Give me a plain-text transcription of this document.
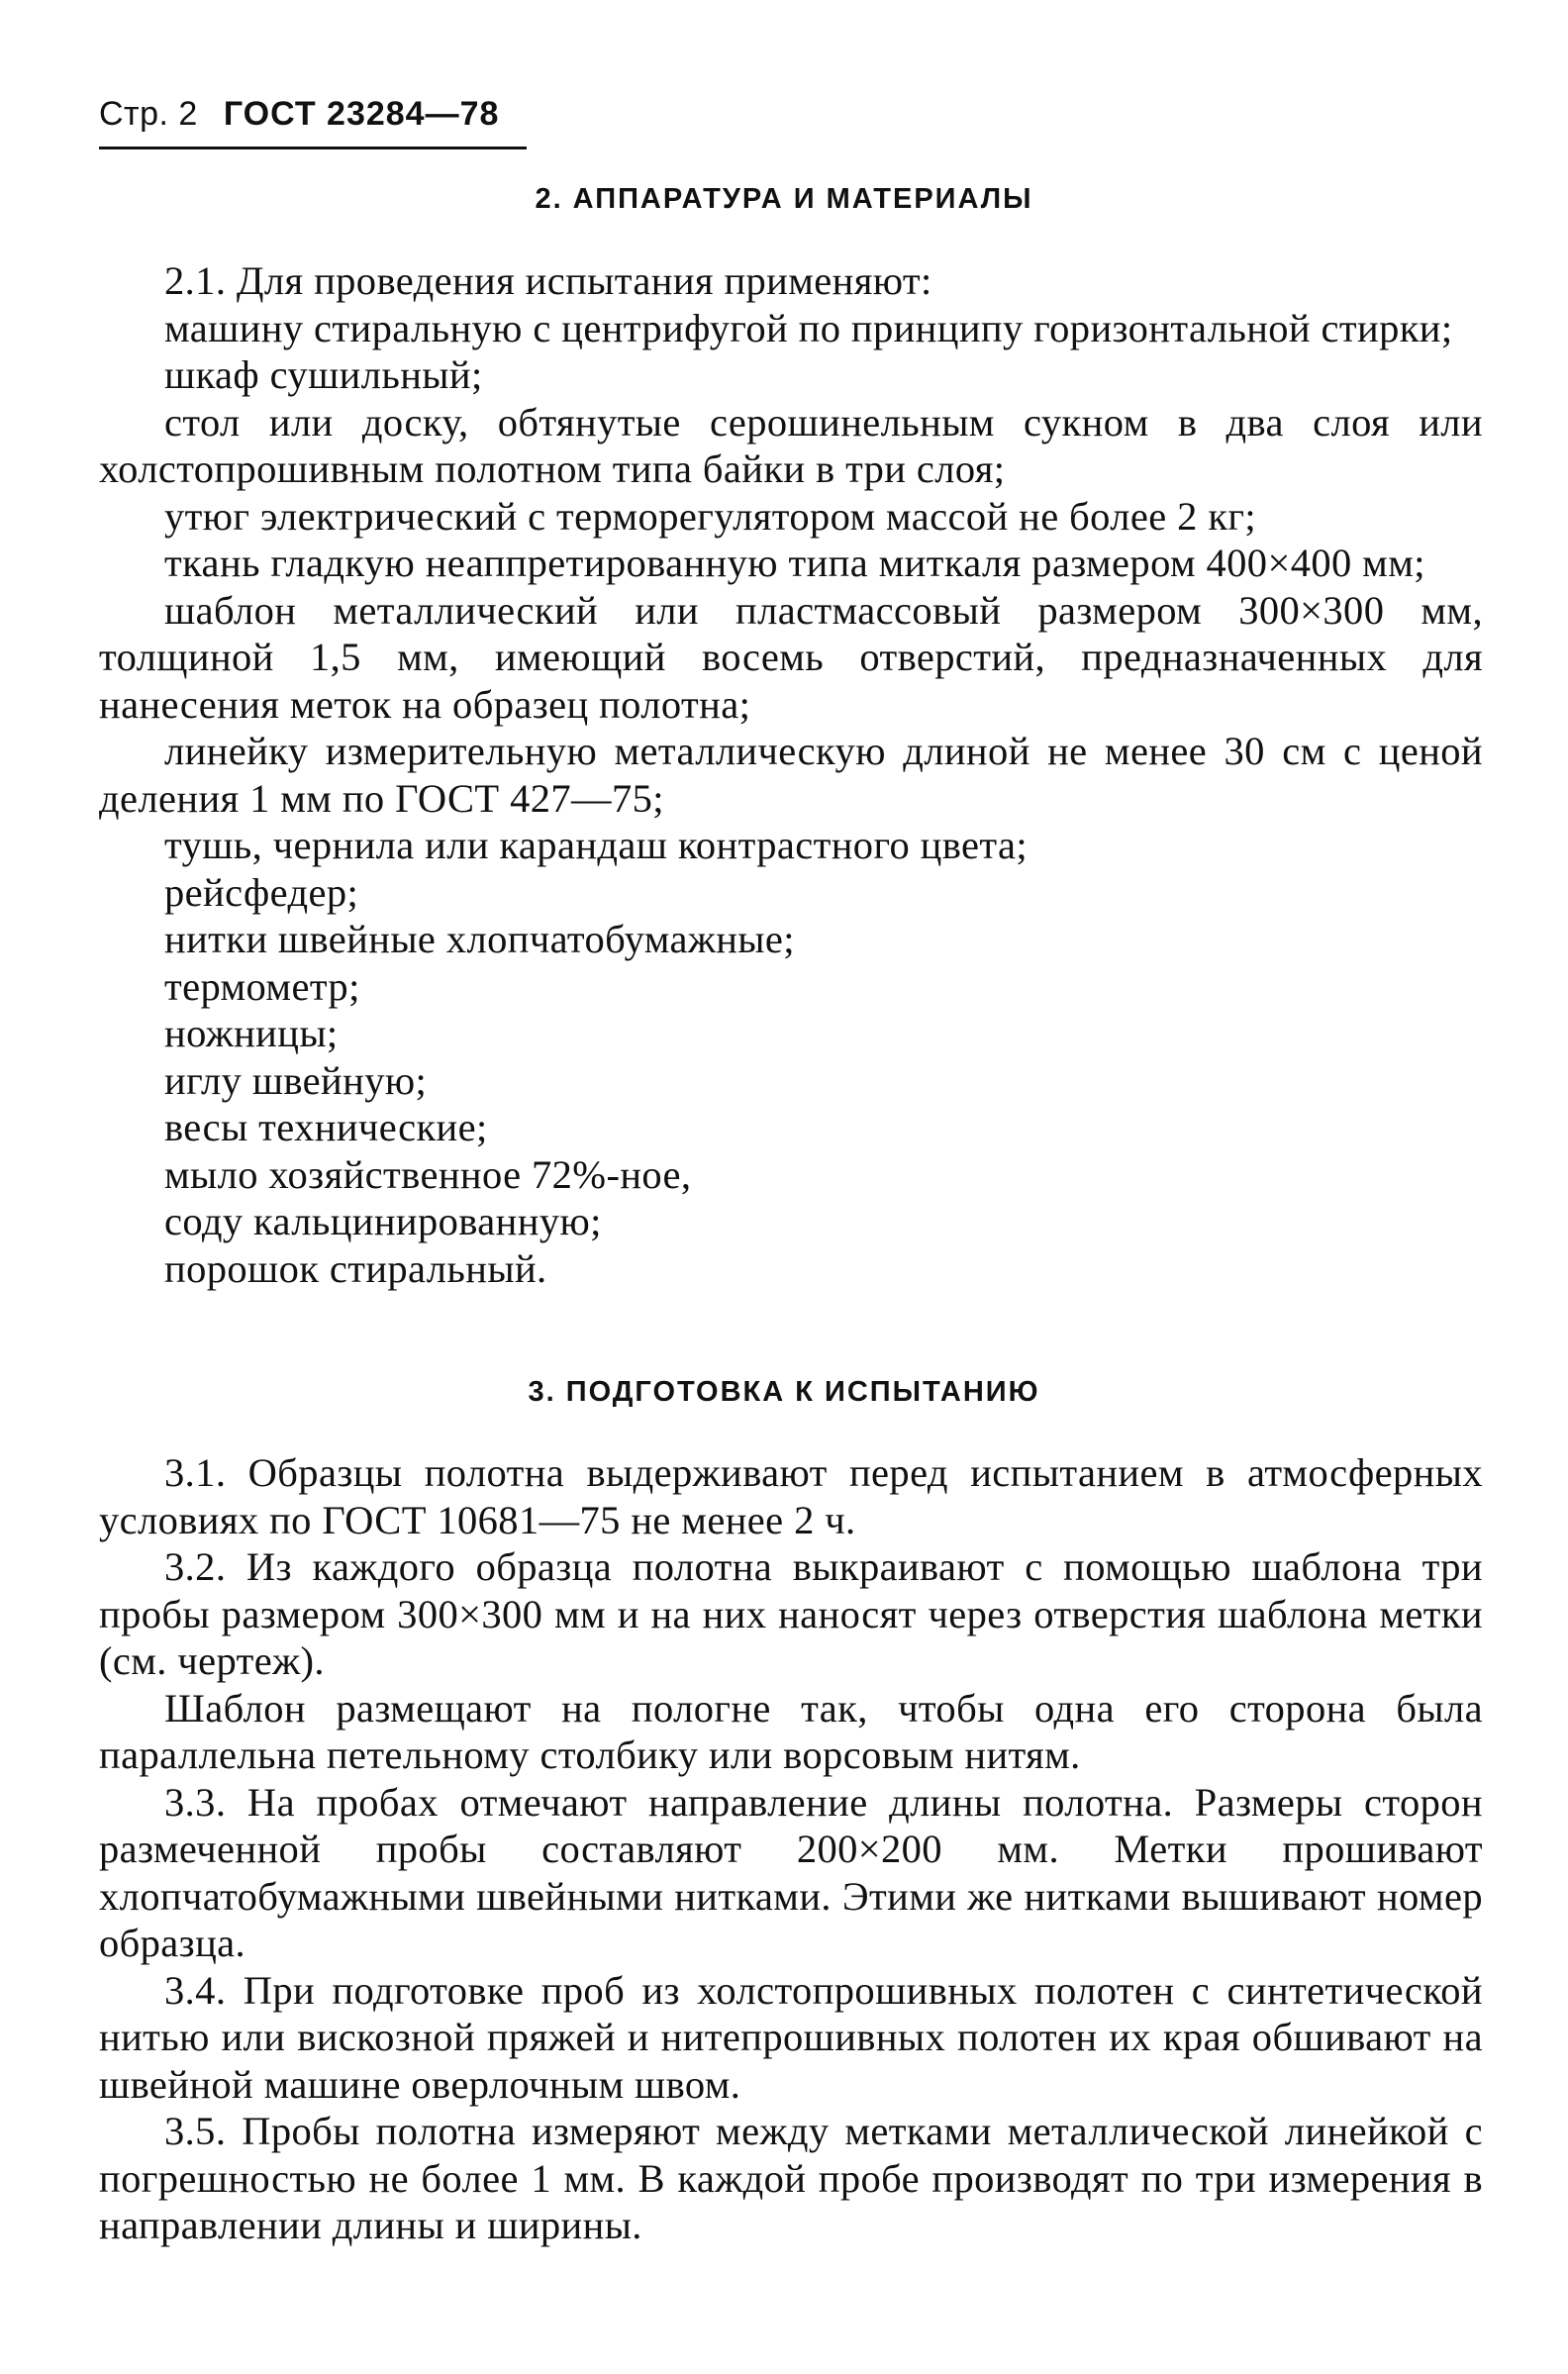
Стр. 2 ГОСТ 23284—78
2. АППАРАТУРА И МАТЕРИАЛЫ

2.1. Для проведения испытания применяют:

машину стиральную с центрифугой по принципу горизонтальной стирки;

шкаф сушильный;

стол или доску, обтянутые серошинельным сукном в два слоя или холстопрошивным полотном типа байки в три слоя;

утюг электрический с терморегулятором массой не более 2 кг;

ткань гладкую неаппретированную типа миткаля размером 400×400 мм;

шаблон металлический или пластмассовый размером 300×300 мм, толщиной 1,5 мм, имеющий восемь отверстий, предназначенных для нанесения меток на образец полотна;

линейку измерительную металлическую длиной не менее 30 см с ценой деления 1 мм по ГОСТ 427—75;

тушь, чернила или карандаш контрастного цвета;

рейсфедер;

нитки швейные хлопчатобумажные;

термометр;

ножницы;

иглу швейную;

весы технические;

мыло хозяйственное 72%-ное,

соду кальцинированную;

порошок стиральный.

3. ПОДГОТОВКА К ИСПЫТАНИЮ

3.1. Образцы полотна выдерживают перед испытанием в атмосферных условиях по ГОСТ 10681—75 не менее 2 ч.

3.2. Из каждого образца полотна выкраивают с помощью шаблона три пробы размером 300×300 мм и на них наносят через отверстия шаблона метки (см. чертеж).

Шаблон размещают на пологне так, чтобы одна его сторона была параллельна петельному столбику или ворсовым нитям.

3.3. На пробах отмечают направление длины полотна. Размеры сторон размеченной пробы составляют 200×200 мм. Метки прошивают хлопчатобумажными швейными нитками. Этими же нитками вышивают номер образца.

3.4. При подготовке проб из холстопрошивных полотен с синтетической нитью или вискозной пряжей и нитепрошивных полотен их края обшивают на швейной машине оверлочным швом.

3.5. Пробы полотна измеряют между метками металлической линейкой с погрешностью не более 1 мм. В каждой пробе производят по три измерения в направлении длины и ширины.
